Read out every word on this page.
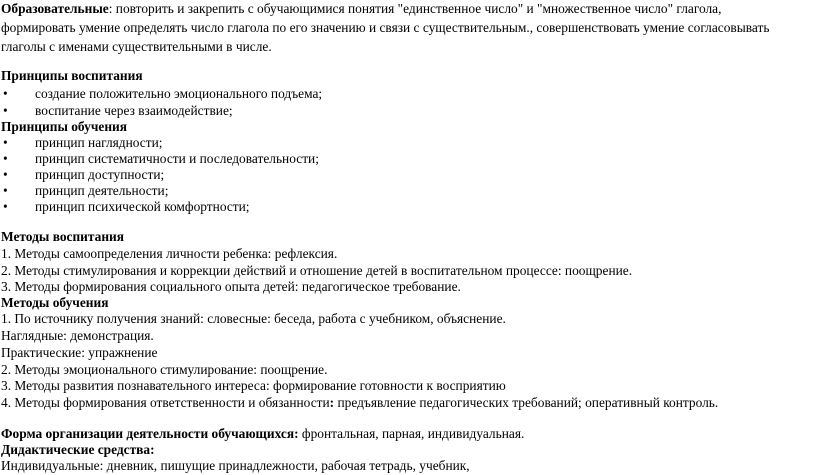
Образовательные: повторить и закрепить с обучающимися понятия "единственное число" и "множественное число" глагола,
формировать умение определять число глагола по его значению и связи с существительным., совершенствовать умение согласовывать
глаголы с именами существительными в числе.
Принципы воспитания
• создание положительно эмоционального подъема;
• воспитание через взаимодействие;
Принципы обучения
• принцип наглядности;
• принцип систематичности и последовательности;
• принцип доступности;
• принцип деятельности;
• принцип психической комфортности;
Методы воспитания
1. Методы самоопределения личности ребенка: рефлексия.
2. Методы стимулирования и коррекции действий и отношение детей в воспитательном процессе: поощрение.
3. Методы формирования социального опыта детей: педагогическое требование.
Методы обучения
1. По источнику получения знаний: словесные: беседа, работа с учебником, объяснение.
Наглядные: демонстрация.
Практические: упражнение
2. Методы эмоционального стимулирование: поощрение.
3. Методы развития познавательного интереса: формирование готовности к восприятию
4. Методы формирования ответственности и обязанности: предъявление педагогических требований; оперативный контроль.
Форма организации деятельности обучающихся: фронтальная, парная, индивидуальная.
Дидактические средства:
Индивидуальные: дневник, пишущие принадлежности, рабочая тетрадь, учебник,
